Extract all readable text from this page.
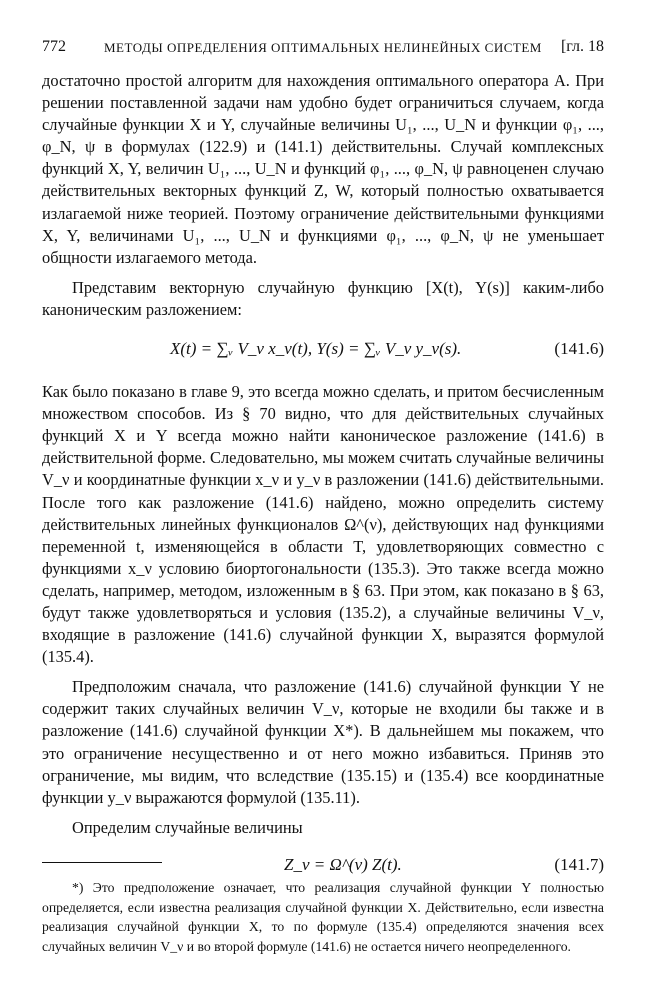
772	МЕТОДЫ ОПРЕДЕЛЕНИЯ ОПТИМАЛЬНЫХ НЕЛИНЕЙНЫХ СИСТЕМ [гл. 18

достаточно простой алгоритм для нахождения оптимального оператора A. При решении поставленной задачи нам удобно будет ограничиться случаем, когда случайные функции X и Y, случайные величины U₁, ..., U_N и функции φ₁, ..., φ_N, ψ в формулах (122.9) и (141.1) действительны. Случай комплексных функций X, Y, величин U₁, ..., U_N и функций φ₁, ..., φ_N, ψ равноценен случаю действительных векторных функций Z, W, который полностью охватывается излагаемой ниже теорией. Поэтому ограничение действительными функциями X, Y, величинами U₁, ..., U_N и функциями φ₁, ..., φ_N, ψ не уменьшает общности излагаемого метода.

Представим векторную случайную функцию [X(t), Y(s)] каким-либо каноническим разложением:

X(t) = ∑ᵥ V_ν x_ν(t), Y(s) = ∑ᵥ V_ν y_ν(s).	(141.6)

Как было показано в главе 9, это всегда можно сделать, и притом бесчисленным множеством способов. Из § 70 видно, что для действительных случайных функций X и Y всегда можно найти каноническое разложение (141.6) в действительной форме. Следовательно, мы можем считать случайные величины V_ν и координатные функции x_ν и y_ν в разложении (141.6) действительными. После того как разложение (141.6) найдено, можно определить систему действительных линейных функционалов Ω^(ν), действующих над функциями переменной t, изменяющейся в области T, удовлетворяющих совместно с функциями x_ν условию биортогональности (135.3). Это также всегда можно сделать, например, методом, изложенным в § 63. При этом, как показано в § 63, будут также удовлетворяться и условия (135.2), а случайные величины V_ν, входящие в разложение (141.6) случайной функции X, выразятся формулой (135.4).

Предположим сначала, что разложение (141.6) случайной функции Y не содержит таких случайных величин V_ν, которые не входили бы также и в разложение (141.6) случайной функции X*). В дальнейшем мы покажем, что это ограничение несущественно и от него можно избавиться. Приняв это ограничение, мы видим, что вследствие (135.15) и (135.4) все координатные функции y_ν выражаются формулой (135.11).

Определим случайные величины

Z_ν = Ω^(ν) Z(t).	(141.7)

*) Это предположение означает, что реализация случайной функции Y полностью определяется, если известна реализация случайной функции X. Действительно, если известна реализация случайной функции X, то по формуле (135.4) определяются значения всех случайных величин V_ν и во второй формуле (141.6) не остается ничего неопределенного.
